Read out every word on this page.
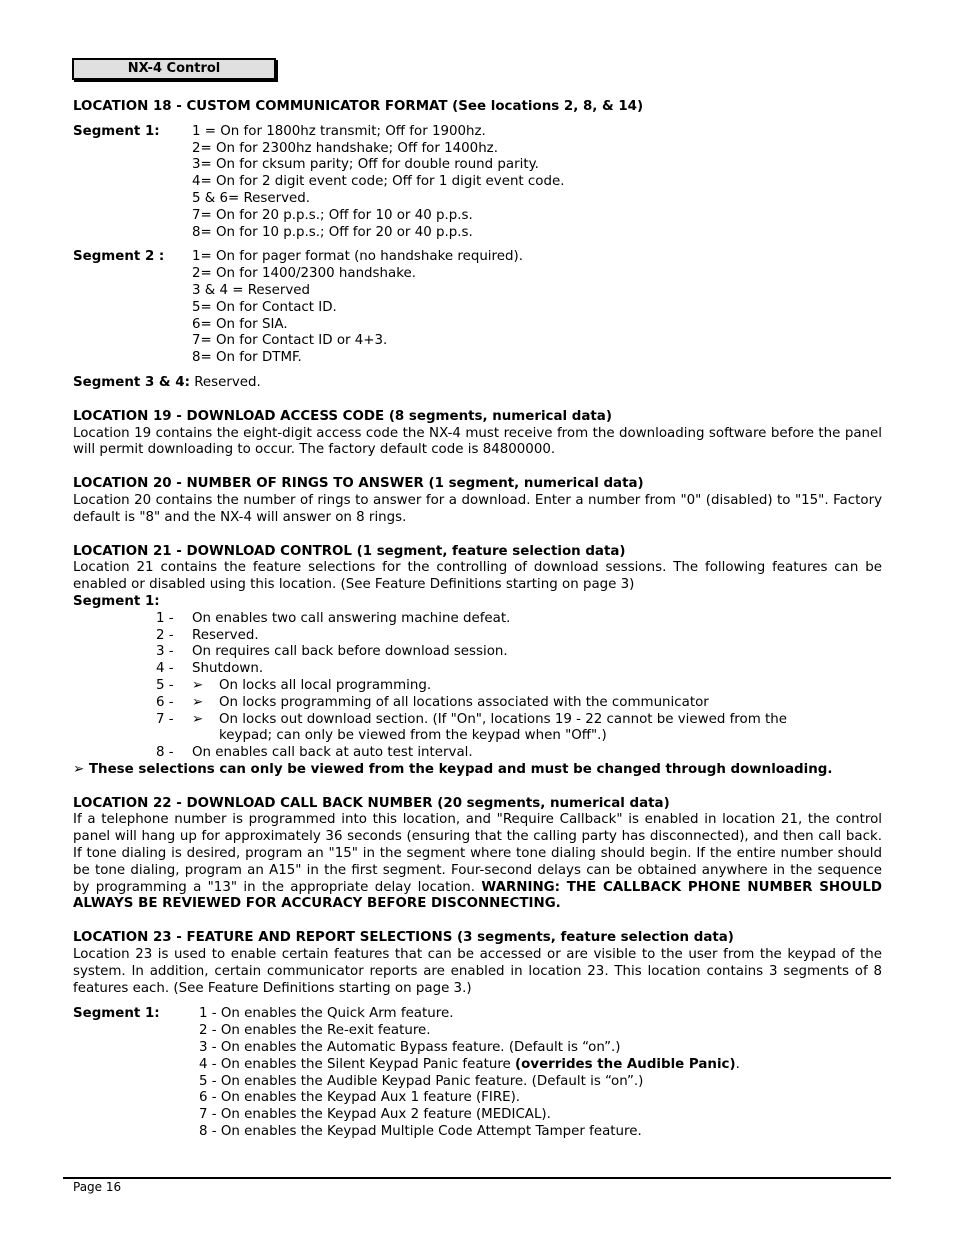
NX-4 Control
LOCATION 18 - CUSTOM COMMUNICATOR FORMAT (See locations 2, 8, & 14)
Segment 1:	1 = On for 1800hz transmit; Off for 1900hz.
2= On for 2300hz handshake; Off for 1400hz.
3= On for cksum parity; Off for double round parity.
4= On for 2 digit event code; Off for 1 digit event code.
5 & 6= Reserved.
7= On for 20 p.p.s.; Off for 10 or 40 p.p.s.
8= On for 10 p.p.s.; Off for 20 or 40 p.p.s.
Segment 2 :	1= On for pager format (no handshake required).
2= On for 1400/2300 handshake.
3 & 4 = Reserved
5= On for Contact ID.
6= On for SIA.
7= On for Contact ID or 4+3.
8= On for DTMF.
Segment 3 & 4: Reserved.
LOCATION 19 - DOWNLOAD ACCESS CODE (8 segments, numerical data)

Location 19 contains the eight-digit access code the NX-4 must receive from the downloading software before the panel will permit downloading to occur. The factory default code is 84800000.

LOCATION 20 - NUMBER OF RINGS TO ANSWER (1 segment, numerical data)

Location 20 contains the number of rings to answer for a download. Enter a number from "0" (disabled) to "15". Factory default is "8" and the NX-4 will answer on 8 rings.

LOCATION 21 - DOWNLOAD CONTROL (1 segment, feature selection data)

Location 21 contains the feature selections for the controlling of download sessions. The following features can be enabled or disabled using this location. (See Feature Definitions starting on page 3)

Segment 1:
1 -	On enables two call answering machine defeat.
2 -	Reserved.
3 -	On requires call back before download session.
4 -	Shutdown.
5 -	➢	On locks all local programming.
6 -	➢	On locks programming of all locations associated with the communicator
7 -	➢	On locks out download section. (If "On", locations 19 - 22 cannot be viewed from the
keypad; can only be viewed from the keypad when "Off".)
8 -	On enables call back at auto test interval.
➢ These selections can only be viewed from the keypad and must be changed through downloading.
LOCATION 22 - DOWNLOAD CALL BACK NUMBER (20 segments, numerical data)

If a telephone number is programmed into this location, and "Require Callback" is enabled in location 21, the control panel will hang up for approximately 36 seconds (ensuring that the calling party has disconnected), and then call back. If tone dialing is desired, program an "15" in the segment where tone dialing should begin. If the entire number should be tone dialing, program an A15" in the first segment. Four-second delays can be obtained anywhere in the sequence by programming a "13" in the appropriate delay location. WARNING: THE CALLBACK PHONE NUMBER SHOULD ALWAYS BE REVIEWED FOR ACCURACY BEFORE DISCONNECTING.

LOCATION 23 - FEATURE AND REPORT SELECTIONS (3 segments, feature selection data)

Location 23 is used to enable certain features that can be accessed or are visible to the user from the keypad of the system. In addition, certain communicator reports are enabled in location 23. This location contains 3 segments of 8 features each. (See Feature Definitions starting on page 3.)

Segment 1:	1 - On enables the Quick Arm feature.
2 - On enables the Re-exit feature.
3 - On enables the Automatic Bypass feature. (Default is “on”.)
4 - On enables the Silent Keypad Panic feature (overrides the Audible Panic).
5 - On enables the Audible Keypad Panic feature. (Default is “on”.)
6 - On enables the Keypad Aux 1 feature (FIRE).
7 - On enables the Keypad Aux 2 feature (MEDICAL).
8 - On enables the Keypad Multiple Code Attempt Tamper feature.
Page 16
